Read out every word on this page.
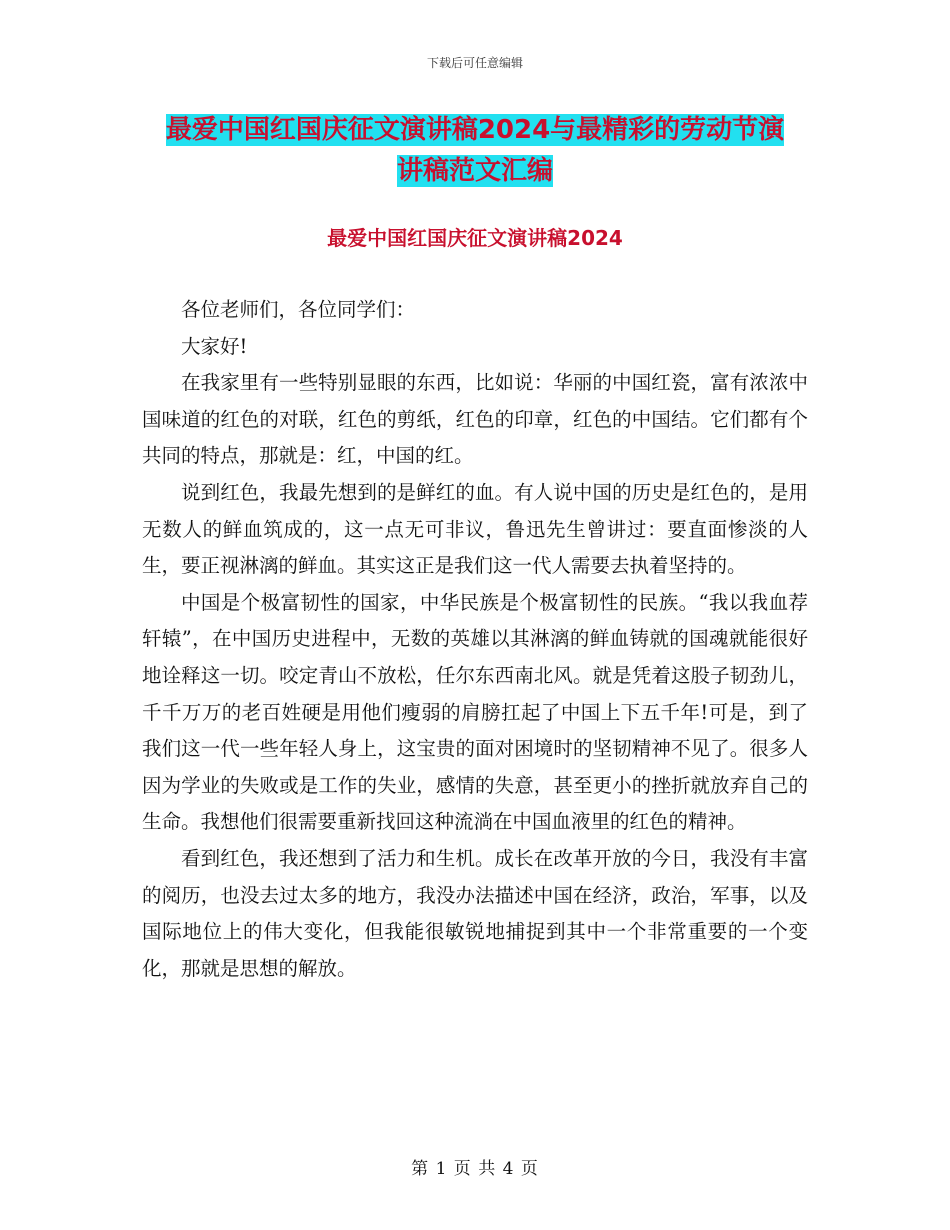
下载后可任意编辑
最爱中国红国庆征文演讲稿2024与最精彩的劳动节演
讲稿范文汇编
最爱中国红国庆征文演讲稿2024

各位老师们，各位同学们：

大家好!

在我家里有一些特别显眼的东西，比如说：华丽的中国红瓷，富有浓浓中国味道的红色的对联，红色的剪纸，红色的印章，红色的中国结。它们都有个共同的特点，那就是：红，中国的红。

说到红色，我最先想到的是鲜红的血。有人说中国的历史是红色的，是用无数人的鲜血筑成的，这一点无可非议，鲁迅先生曾讲过：要直面惨淡的人生，要正视淋漓的鲜血。其实这正是我们这一代人需要去执着坚持的。

中国是个极富韧性的国家，中华民族是个极富韧性的民族。“我以我血荐轩辕”，在中国历史进程中，无数的英雄以其淋漓的鲜血铸就的国魂就能很好地诠释这一切。咬定青山不放松，任尔东西南北风。就是凭着这股子韧劲儿，千千万万的老百姓硬是用他们瘦弱的肩膀扛起了中国上下五千年!可是，到了我们这一代一些年轻人身上，这宝贵的面对困境时的坚韧精神不见了。很多人因为学业的失败或是工作的失业，感情的失意，甚至更小的挫折就放弃自己的生命。我想他们很需要重新找回这种流淌在中国血液里的红色的精神。

看到红色，我还想到了活力和生机。成长在改革开放的今日，我没有丰富的阅历，也没去过太多的地方，我没办法描述中国在经济，政治，军事，以及国际地位上的伟大变化，但我能很敏锐地捕捉到其中一个非常重要的一个变化，那就是思想的解放。

第 1 页 共 4 页
